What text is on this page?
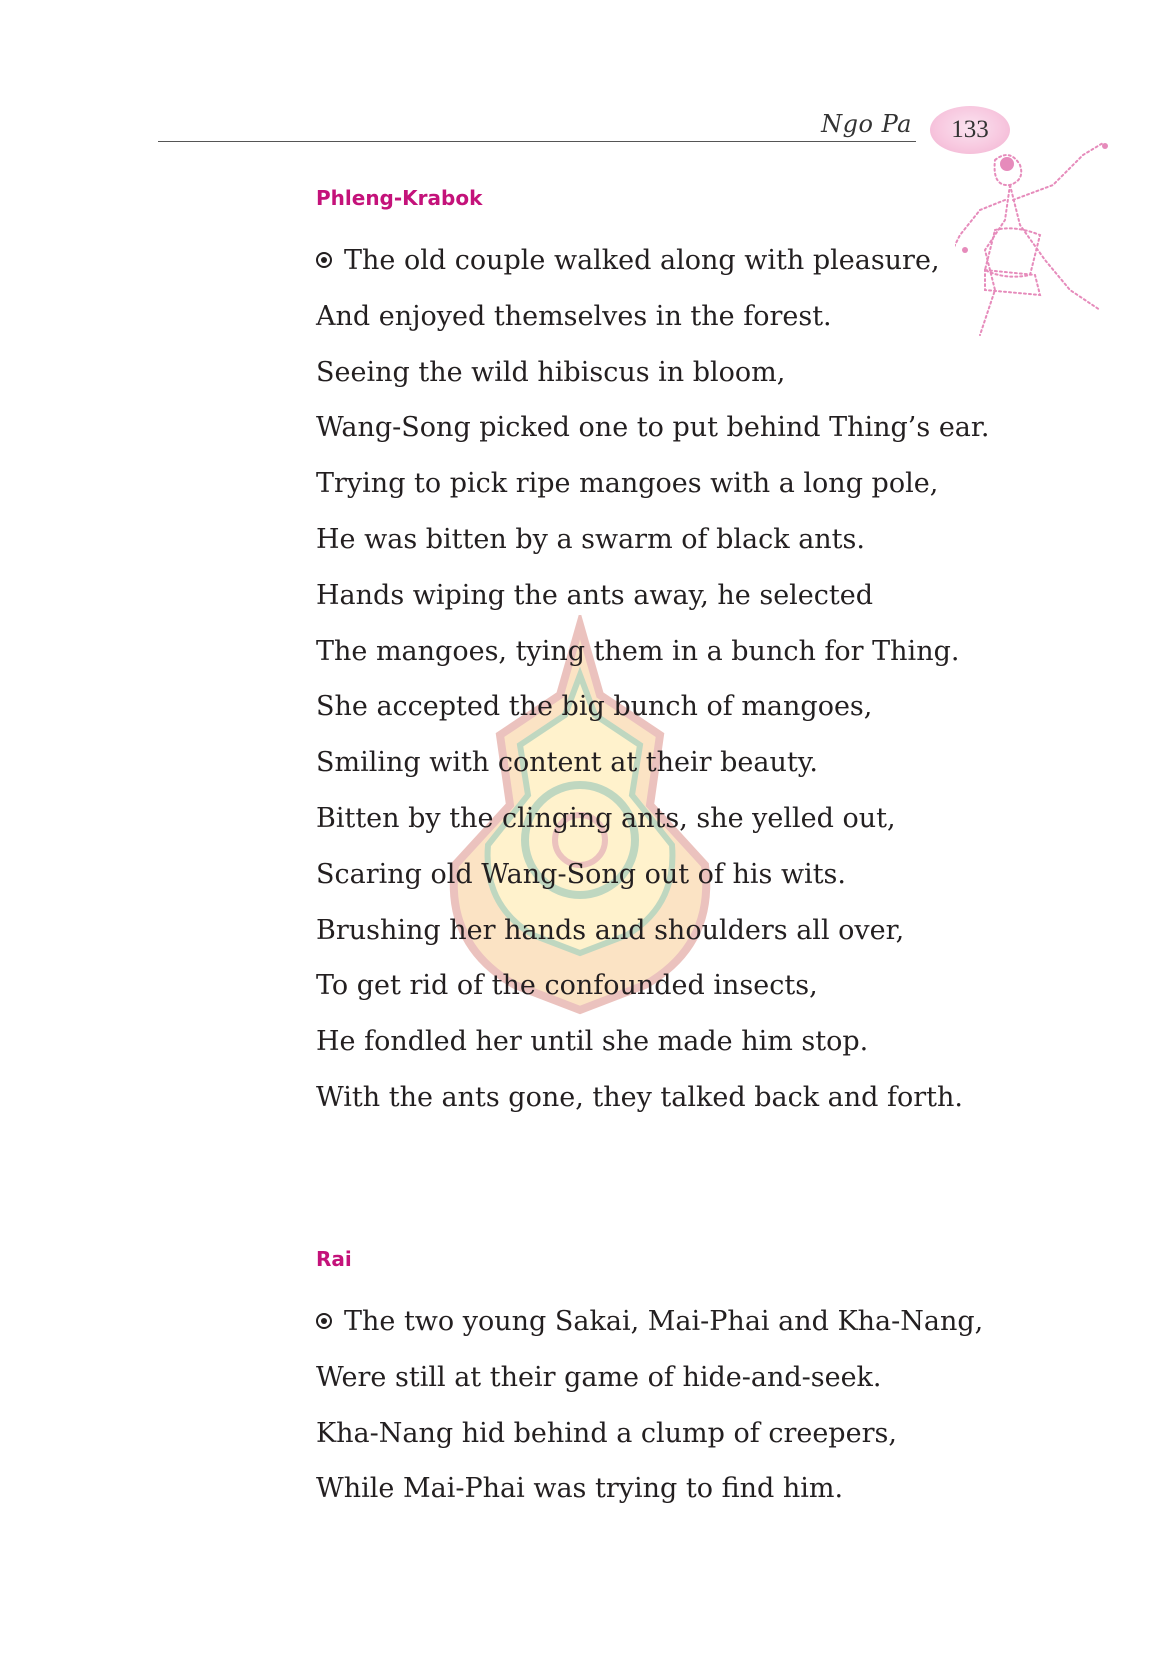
Ngo Pa 133
Phleng-Krabok
The old couple walked along with pleasure,
And enjoyed themselves in the forest.
Seeing the wild hibiscus in bloom,
Wang-Song picked one to put behind Thing’s ear.
Trying to pick ripe mangoes with a long pole,
He was bitten by a swarm of black ants.
Hands wiping the ants away, he selected
The mangoes, tying them in a bunch for Thing.
She accepted the big bunch of mangoes,
Smiling with content at their beauty.
Bitten by the clinging ants, she yelled out,
Scaring old Wang-Song out of his wits.
Brushing her hands and shoulders all over,
To get rid of the confounded insects,
He fondled her until she made him stop.
With the ants gone, they talked back and forth.
Rai
The two young Sakai, Mai-Phai and Kha-Nang,
Were still at their game of hide-and-seek.
Kha-Nang hid behind a clump of creepers,
While Mai-Phai was trying to find him.
